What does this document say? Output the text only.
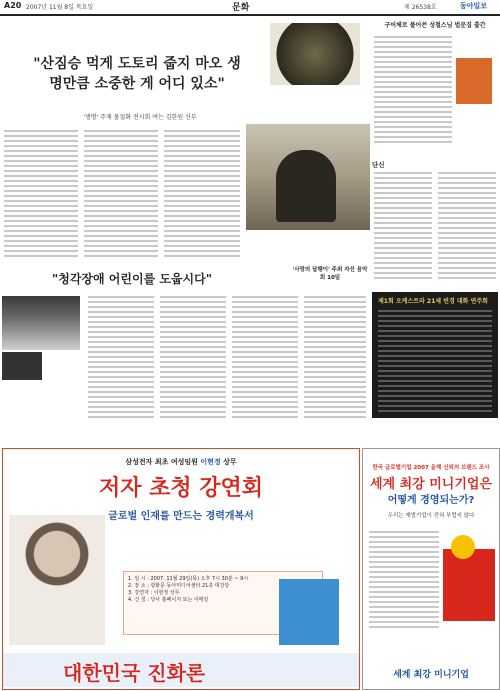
A20 2007년 11월 8일 목요일	문화	제 26538호	동아일보
"산짐승 먹게 도토리 줍지 마오 생명만큼 소중한 게 어디 있소"
'생명' 주제 물질화 전시회 여는 김한원 신부
구어체로 풀어쓴 성철스님 법문집 출간
단신
"청각장애 어린이를 도웁시다"
'사랑의 달팽이' 주최 자선 음악회 10일
제1회 오케스트라 21세 빈경 대화 연주회
삼성전자 최초 여성임원 이현정 상무
저자 초청 강연회
글로벌 인재를 만드는 경력개복서
1. 일 시 : 2007. 11월 29일(목) 오후 7시 30분 ~ 9시
2. 장 소 : 광화문 동아미디어센터 21층 대강당
3. 강연자 : 이현정 상무
4. 신 청 : 당사 홈페이지 또는 이메일
대한민국 진화론
한국 글로벌기업 2007 올해 신뢰의 브랜드 조사
세계 최강 미니기업은
어떻게 경영되는가?
우리는 재벌기업이 전혀 부럽지 않다
세계 최강 미니기업
